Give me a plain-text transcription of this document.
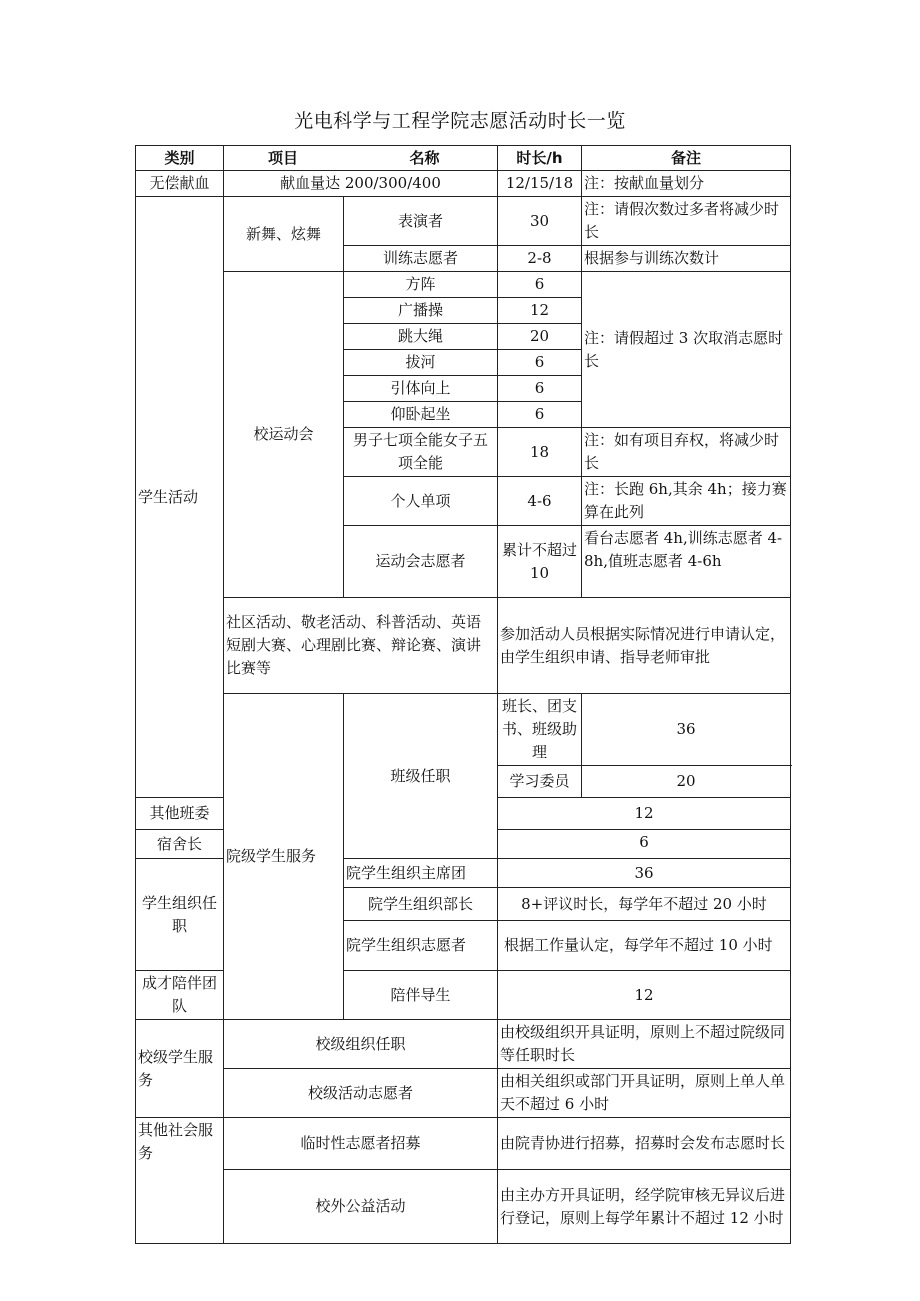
光电科学与工程学院志愿活动时长一览
类别	项目	名称	时长/h	备注
无偿献血	献血量达 200/300/400		12/15/18	注：按献血量划分
学生活动	新舞、炫舞	表演者	30	注：请假次数过多者将减少时长
		训练志愿者	2-8	根据参与训练次数计
	校运动会	方阵	6	注：请假超过 3 次取消志愿时长
		广播操	12	
		跳大绳	20	
		拔河	6	
		引体向上	6	
		仰卧起坐	6	
		男子七项全能女子五项全能	18	注：如有项目弃权，将减少时长
		个人单项	4-6	注：长跑 6h,其余 4h；接力赛算在此列
		运动会志愿者	累计不超过 10	看台志愿者 4h,训练志愿者 4-8h,值班志愿者 4-6h
	社区活动、敬老活动、科普活动、英语短剧大赛、心理剧比赛、辩论赛、演讲比赛等		参加活动人员根据实际情况进行申请认定，由学生组织申请、指导老师审批	
	院级学生服务	班级任职	班长、团支书、班级助理	36
			学习委员	20
其他班委			12	
宿舍长			6	
学生组织任职		院学生组织主席团	36	
		院学生组织部长	8+评议时长，每学年不超过 20 小时	
		院学生组织志愿者	根据工作量认定，每学年不超过 10 小时	
成才陪伴团队		陪伴导生	12	
校级学生服务	校级组织任职		由校级组织开具证明，原则上不超过院级同等任职时长	
	校级活动志愿者		由相关组织或部门开具证明，原则上单人单天不超过 6 小时	
其他社会服务	临时性志愿者招募		由院青协进行招募，招募时会发布志愿时长	
	校外公益活动		由主办方开具证明，经学院审核无异议后进行登记，原则上每学年累计不超过 12 小时	
